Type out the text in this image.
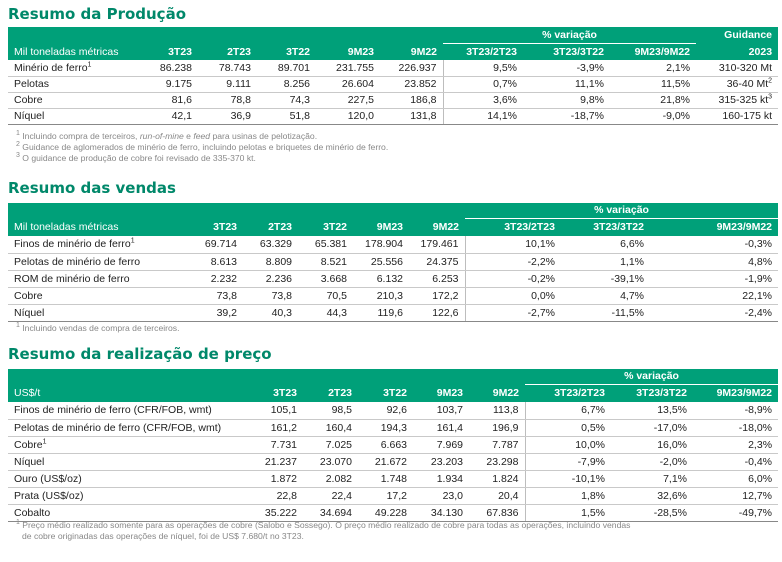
Resumo da Produção
						% variação			Guidance
Mil toneladas métricas	3T23	2T23	3T22	9M23	9M22	3T23/2T23	3T23/3T22	9M23/9M22	2023
Minério de ferro$^1$	86.238	78.743	89.701	231.755	226.937	9,5%	-3,9%	2,1%	310-320 Mt
Pelotas	9.175	9.111	8.256	26.604	23.852	0,7%	11,1%	11,5%	36-40 Mt$^2$
Cobre	81,6	78,8	74,3	227,5	186,8	3,6%	9,8%	21,8%	315-325 $kt^3$
Níquel	42,1	36,9	51,8	120,0	131,8	14,1%	-18,7%	-9,0%	160-175 kt
$^1$ Incluindo compra de terceiros, run-of-mine e feed para usinas de pelotização.
$^2$ Guidance de aglomerados de minério de ferro, incluindo pelotas e briquetes de minério de ferro.
$^3$ O guidance de produção de cobre foi revisado de 335-370 kt.
Resumo das vendas
						% variação		
Mil toneladas métricas	3T23	2T23	3T22	9M23	9M22	3T23/2T23	3T23/3T22	9M23/9M22
Finos de minério de ferro$^1$	69.714	63.329	65.381	178.904	179.461	10,1%	6,6%	-0,3%
Pelotas de minério de ferro	8.613	8.809	8.521	25.556	24.375	-2,2%	1,1%	4,8%
ROM de minério de ferro	2.232	2.236	3.668	6.132	6.253	-0,2%	-39,1%	-1,9%
Cobre	73,8	73,8	70,5	210,3	172,2	0,0%	4,7%	22,1%
Níquel	39,2	40,3	44,3	119,6	122,6	-2,7%	-11,5%	-2,4%
$^1$ Incluindo vendas de compra de terceiros.
Resumo da realização de preço
						% variação		
US$/t	3T23	2T23	3T22	9M23	9M22	3T23/2T23	3T23/3T22	9M23/9M22
Finos de minério de ferro (CFR/FOB, wmt)	105,1	98,5	92,6	103,7	113,8	6,7%	13,5%	-8,9%
Pelotas de minério de ferro (CFR/FOB, wmt)	161,2	160,4	194,3	161,4	196,9	0,5%	-17,0%	-18,0%
Cobre$^1$	7.731	7.025	6.663	7.969	7.787	10,0%	16,0%	2,3%
Níquel	21.237	23.070	21.672	23.203	23.298	-7,9%	-2,0%	-0,4%
Ouro (US$/oz)	1.872	2.082	1.748	1.934	1.824	-10,1%	7,1%	6,0%
Prata (US$/oz)	22,8	22,4	17,2	23,0	20,4	1,8%	32,6%	12,7%
Cobalto	35.222	34.694	49.228	34.130	67.836	1,5%	-28,5%	-49,7%
$^1$ Preço médio realizado somente para as operações de cobre (Salobo e Sossego). O preço médio realizado de cobre para todas as operações, incluindo vendas
de cobre originadas das operações de níquel, foi de US$ 7.680/t no 3T23.
